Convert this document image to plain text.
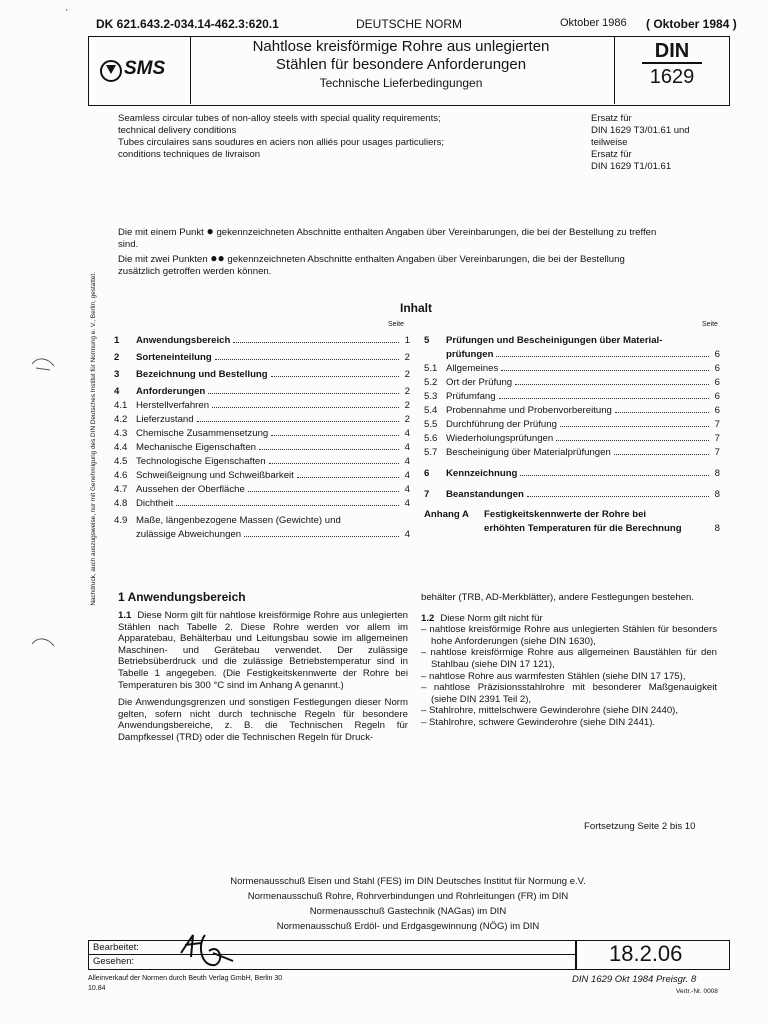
DK 621.643.2-034.14-462.3:620.1	DEUTSCHE NORM	Oktober 1986 ( Oktober 1984 )
SMS
Nahtlose kreisförmige Rohre aus unlegierten
Stählen für besondere Anforderungen
Technische Lieferbedingungen
DIN
1629
Seamless circular tubes of non-alloy steels with special quality requirements;
technical delivery conditions
Tubes circulaires sans soudures en aciers non alliés pour usages particuliers;
conditions techniques de livraison
Ersatz für
DIN 1629 T3/01.61 und
teilweise
Ersatz für
DIN 1629 T1/01.61
Die mit einem Punkt ● gekennzeichneten Abschnitte enthalten Angaben über Vereinbarungen, die bei der Bestellung zu treffen
sind.
Die mit zwei Punkten ●● gekennzeichneten Abschnitte enthalten Angaben über Vereinbarungen, die bei der Bestellung
zusätzlich getroffen werden können.
Inhalt
Seite	Seite
1	Anwendungsbereich	1
2	Sorteneinteilung	2
3	Bezeichnung und Bestellung	2
4	Anforderungen	2
4.1 Herstellverfahren	2
4.2 Lieferzustand	2
4.3 Chemische Zusammensetzung	4
4.4 Mechanische Eigenschaften	4
4.5 Technologische Eigenschaften	4
4.6 Schweißeignung und Schweißbarkeit	4
4.7 Aussehen der Oberfläche	4
4.8 Dichtheit	4
4.9 Maße, längenbezogene Massen (Gewichte) und
zulässige Abweichungen	4
5	Prüfungen und Bescheinigungen über Material-
prüfungen	6
5.1 Allgemeines	6
5.2 Ort der Prüfung	6
5.3 Prüfumfang	6
5.4 Probennahme und Probenvorbereitung	6
5.5 Durchführung der Prüfung	7
5.6 Wiederholungsprüfungen	7
5.7 Bescheinigung über Materialprüfungen	7
6	Kennzeichnung	8
7	Beanstandungen	8
Anhang A	Festigkeitskennwerte der Rohre bei
erhöhten Temperaturen für die Berechnung	8
1 Anwendungsbereich
1.1 Diese Norm gilt für nahtlose kreisförmige Rohre aus unlegierten Stählen nach Tabelle 2. Diese Rohre werden vor allem im Apparatebau, Behälterbau und Leitungsbau sowie im allgemeinen Maschinen- und Gerätebau verwendet. Der zulässige Betriebsüberdruck und die zulässige Betriebstemperatur sind in Tabelle 1 angegeben. (Die Festigkeitskennwerte der Rohre bei Temperaturen bis 300 °C sind im Anhang A genannt.)
Die Anwendungsgrenzen und sonstigen Festlegungen dieser Norm gelten, sofern nicht durch technische Regeln für besondere Anwendungsbereiche, z. B. die Technischen Regeln für Dampfkessel (TRD) oder die Technischen Regeln für Druck-
behälter (TRB, AD-Merkblätter), andere Festlegungen bestehen.
1.2 Diese Norm gilt nicht für
– nahtlose kreisförmige Rohre aus unlegierten Stählen für besonders hohe Anforderungen (siehe DIN 1630),
– nahtlose kreisförmige Rohre aus allgemeinen Baustählen für den Stahlbau (siehe DIN 17 121),
– nahtlose Rohre aus warmfesten Stählen (siehe DIN 17 175),
– nahtlose Präzisionsstahlrohre mit besonderer Maßgenauigkeit (siehe DIN 2391 Teil 2),
– Stahlrohre, mittelschwere Gewinderohre (siehe DIN 2440),
– Stahlrohre, schwere Gewinderohre (siehe DIN 2441).
Fortsetzung Seite 2 bis 10
Normenausschuß Eisen und Stahl (FES) im DIN Deutsches Institut für Normung e.V.
Normenausschuß Rohre, Rohrverbindungen und Rohrleitungen (FR) im DIN
Normenausschuß Gastechnik (NAGas) im DIN
Normenausschuß Erdöl- und Erdgasgewinnung (NÖG) im DIN
Bearbeitet:
Gesehen:	18.2.06
Alleinverkauf der Normen durch Beuth Verlag GmbH, Berlin 30
10.84
DIN 1629 Okt 1984 Preisgr. 8
Vertr.-Nr. 0008
Nachdruck, auch auszugsweise, nur mit Genehmigung des DIN Deutsches Institut für Normung e. V., Berlin, gestattet.
'
